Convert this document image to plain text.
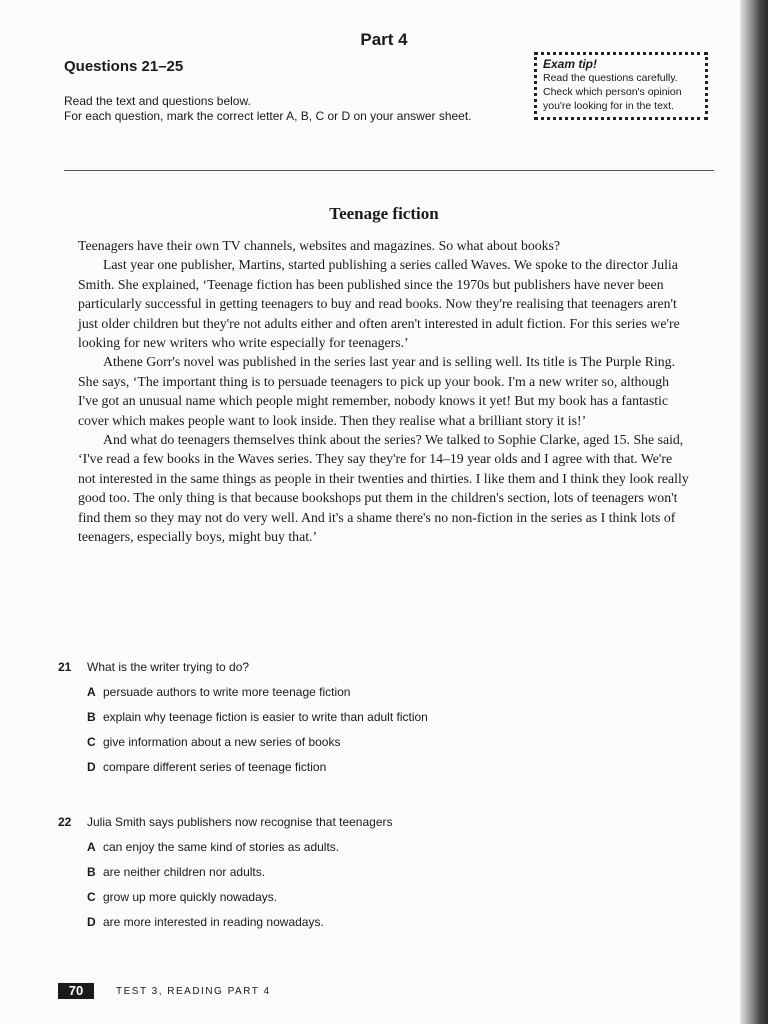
Part 4
Questions 21–25
Read the text and questions below.
For each question, mark the correct letter A, B, C or D on your answer sheet.
Exam tip!
Read the questions carefully.
Check which person's opinion
you're looking for in the text.
Teenage fiction

Teenagers have their own TV channels, websites and magazines. So what about books?

Last year one publisher, Martins, started publishing a series called Waves. We spoke to the director Julia Smith. She explained, ‘Teenage fiction has been published since the 1970s but publishers have never been particularly successful in getting teenagers to buy and read books. Now they're realising that teenagers aren't just older children but they're not adults either and often aren't interested in adult fiction. For this series we're looking for new writers who write especially for teenagers.’

Athene Gorr's novel was published in the series last year and is selling well. Its title is The Purple Ring. She says, ‘The important thing is to persuade teenagers to pick up your book. I'm a new writer so, although I've got an unusual name which people might remember, nobody knows it yet! But my book has a fantastic cover which makes people want to look inside. Then they realise what a brilliant story it is!’

And what do teenagers themselves think about the series? We talked to Sophie Clarke, aged 15. She said, ‘I've read a few books in the Waves series. They say they're for 14–19 year olds and I agree with that. We're not interested in the same things as people in their twenties and thirties. I like them and I think they look really good too. The only thing is that because bookshops put them in the children's section, lots of teenagers won't find them so they may not do very well. And it's a shame there's no non-fiction in the series as I think lots of teenagers, especially boys, might buy that.’

21	What is the writer trying to do?
A persuade authors to write more teenage fiction
B explain why teenage fiction is easier to write than adult fiction
C give information about a new series of books
D compare different series of teenage fiction
22	Julia Smith says publishers now recognise that teenagers
A can enjoy the same kind of stories as adults.
B are neither children nor adults.
C grow up more quickly nowadays.
D are more interested in reading nowadays.
70	TEST 3, READING PART 4
